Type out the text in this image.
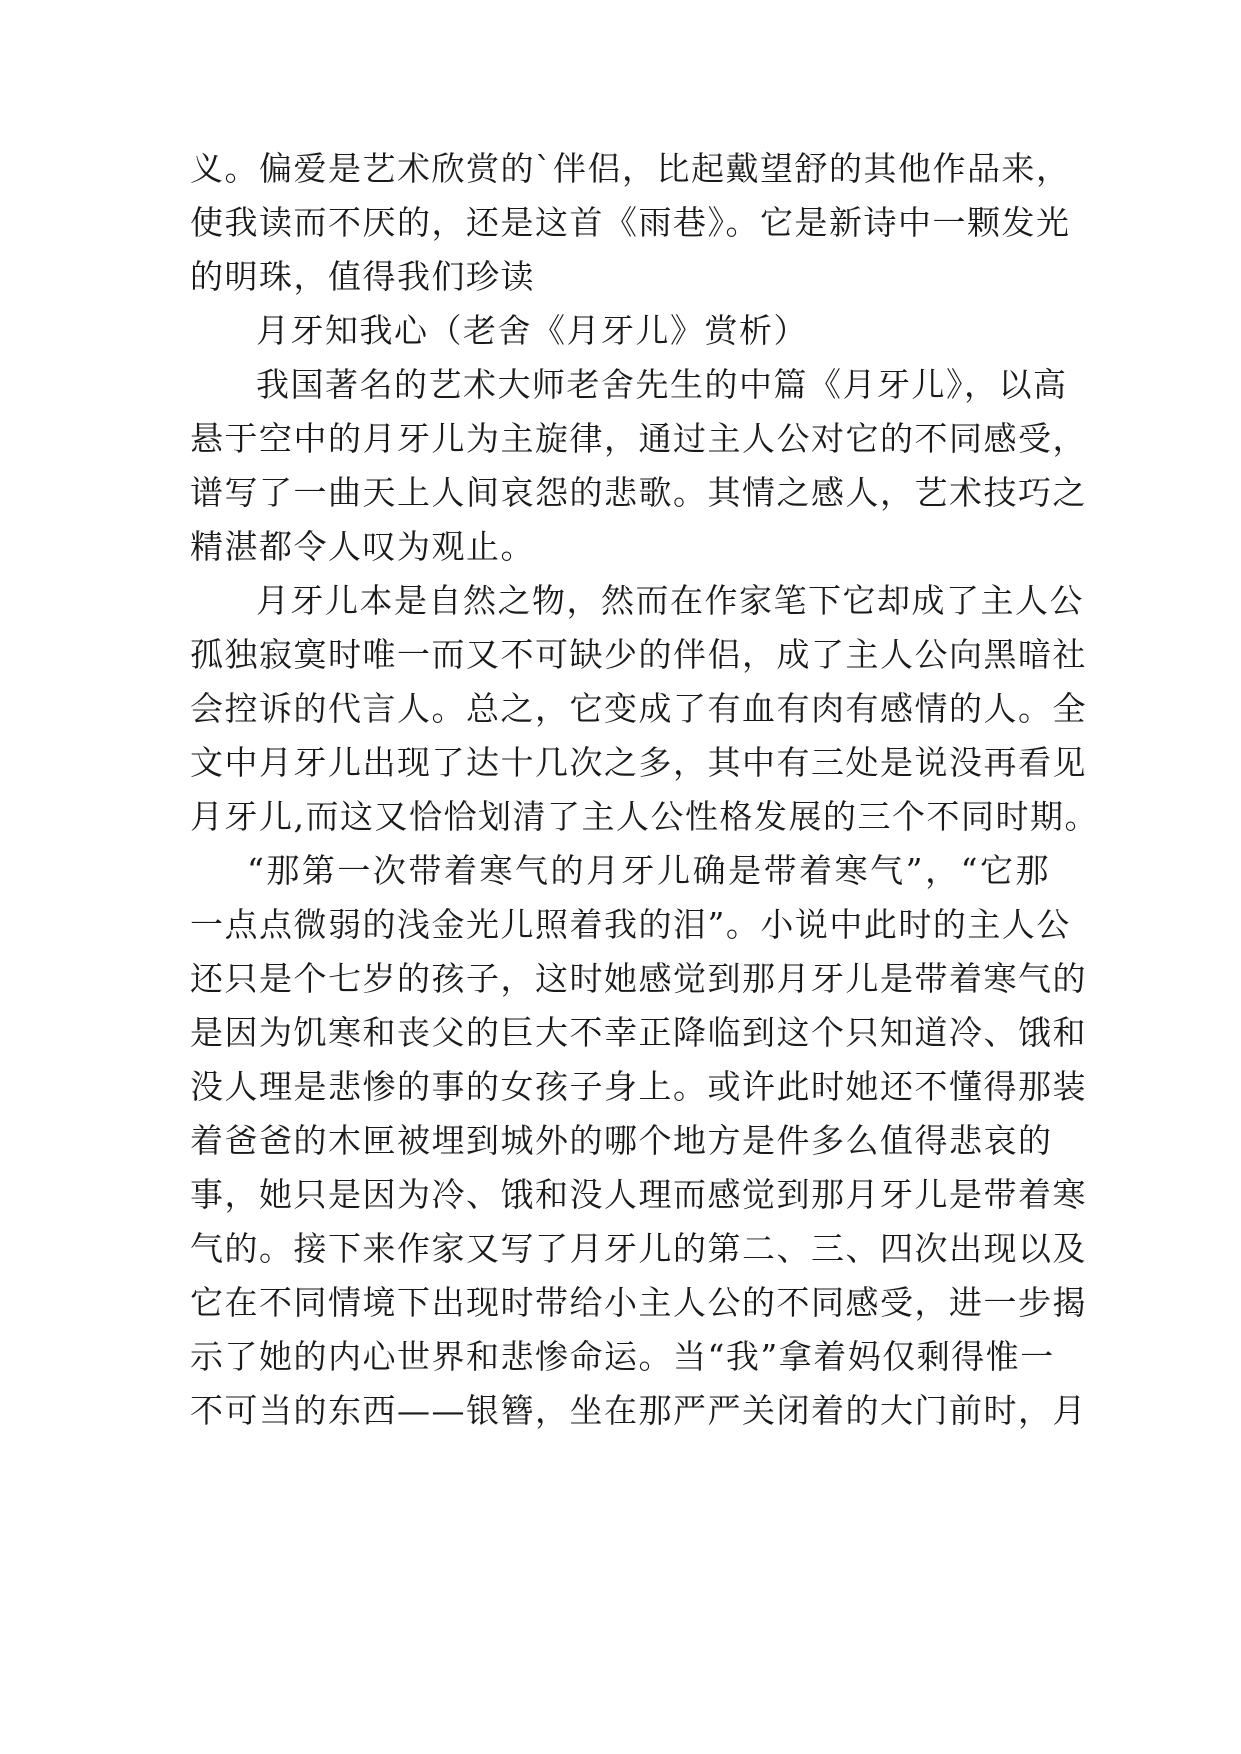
义。偏爱是艺术欣赏的`伴侣，比起戴望舒的其他作品来，
使我读而不厌的，还是这首《雨巷》。它是新诗中一颗发光
的明珠，值得我们珍读
月牙知我心（老舍《月牙儿》赏析）
我国著名的艺术大师老舍先生的中篇《月牙儿》，以高
悬于空中的月牙儿为主旋律，通过主人公对它的不同感受，
谱写了一曲天上人间哀怨的悲歌。其情之感人，艺术技巧之
精湛都令人叹为观止。
月牙儿本是自然之物，然而在作家笔下它却成了主人公
孤独寂寞时唯一而又不可缺少的伴侣，成了主人公向黑暗社
会控诉的代言人。总之，它变成了有血有肉有感情的人。全
文中月牙儿出现了达十几次之多，其中有三处是说没再看见
月牙儿,而这又恰恰划清了主人公性格发展的三个不同时期。
“那第一次带着寒气的月牙儿确是带着寒气”，“它那
一点点微弱的浅金光儿照着我的泪”。小说中此时的主人公
还只是个七岁的孩子，这时她感觉到那月牙儿是带着寒气的
是因为饥寒和丧父的巨大不幸正降临到这个只知道冷、饿和
没人理是悲惨的事的女孩子身上。或许此时她还不懂得那装
着爸爸的木匣被埋到城外的哪个地方是件多么值得悲哀的
事，她只是因为冷、饿和没人理而感觉到那月牙儿是带着寒
气的。接下来作家又写了月牙儿的第二、三、四次出现以及
它在不同情境下出现时带给小主人公的不同感受，进一步揭
示了她的内心世界和悲惨命运。当“我”拿着妈仅剩得惟一
不可当的东西——银簪，坐在那严严关闭着的大门前时，月
